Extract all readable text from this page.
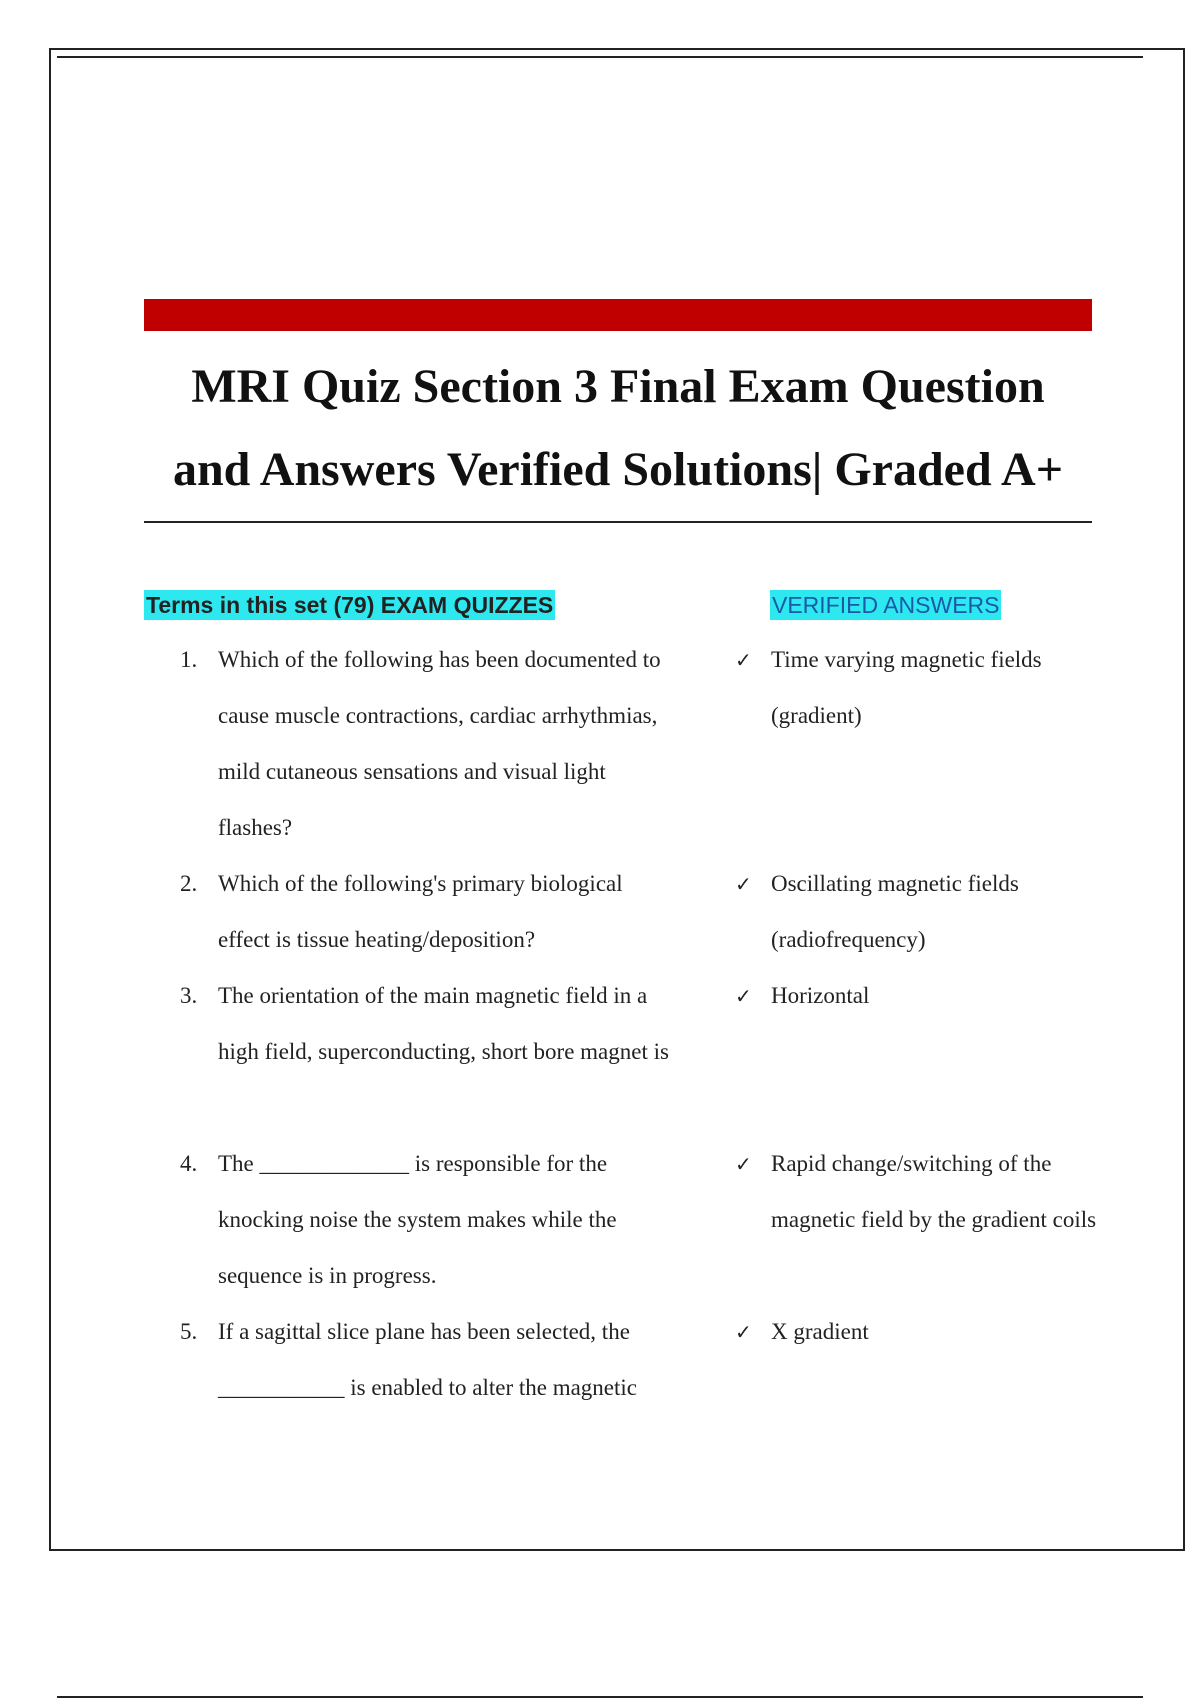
MRI Quiz Section 3 Final Exam Question
and Answers Verified Solutions| Graded A+
Terms in this set (79) EXAM QUIZZES	VERIFIED ANSWERS
1. Which of the following has been documented to cause muscle contractions, cardiac arrhythmias, mild cutaneous sensations and visual light flashes?
2. Which of the following's primary biological effect is tissue heating/deposition?
3. The orientation of the main magnetic field in a high field, superconducting, short bore magnet is
4. The _____________ is responsible for the knocking noise the system makes while the sequence is in progress.
5. If a sagittal slice plane has been selected, the ___________ is enabled to alter the magnetic
✓ Time varying magnetic fields (gradient)
✓ Oscillating magnetic fields (radiofrequency)
✓ Horizontal
✓ Rapid change/switching of the magnetic field by the gradient coils
✓ X gradient
